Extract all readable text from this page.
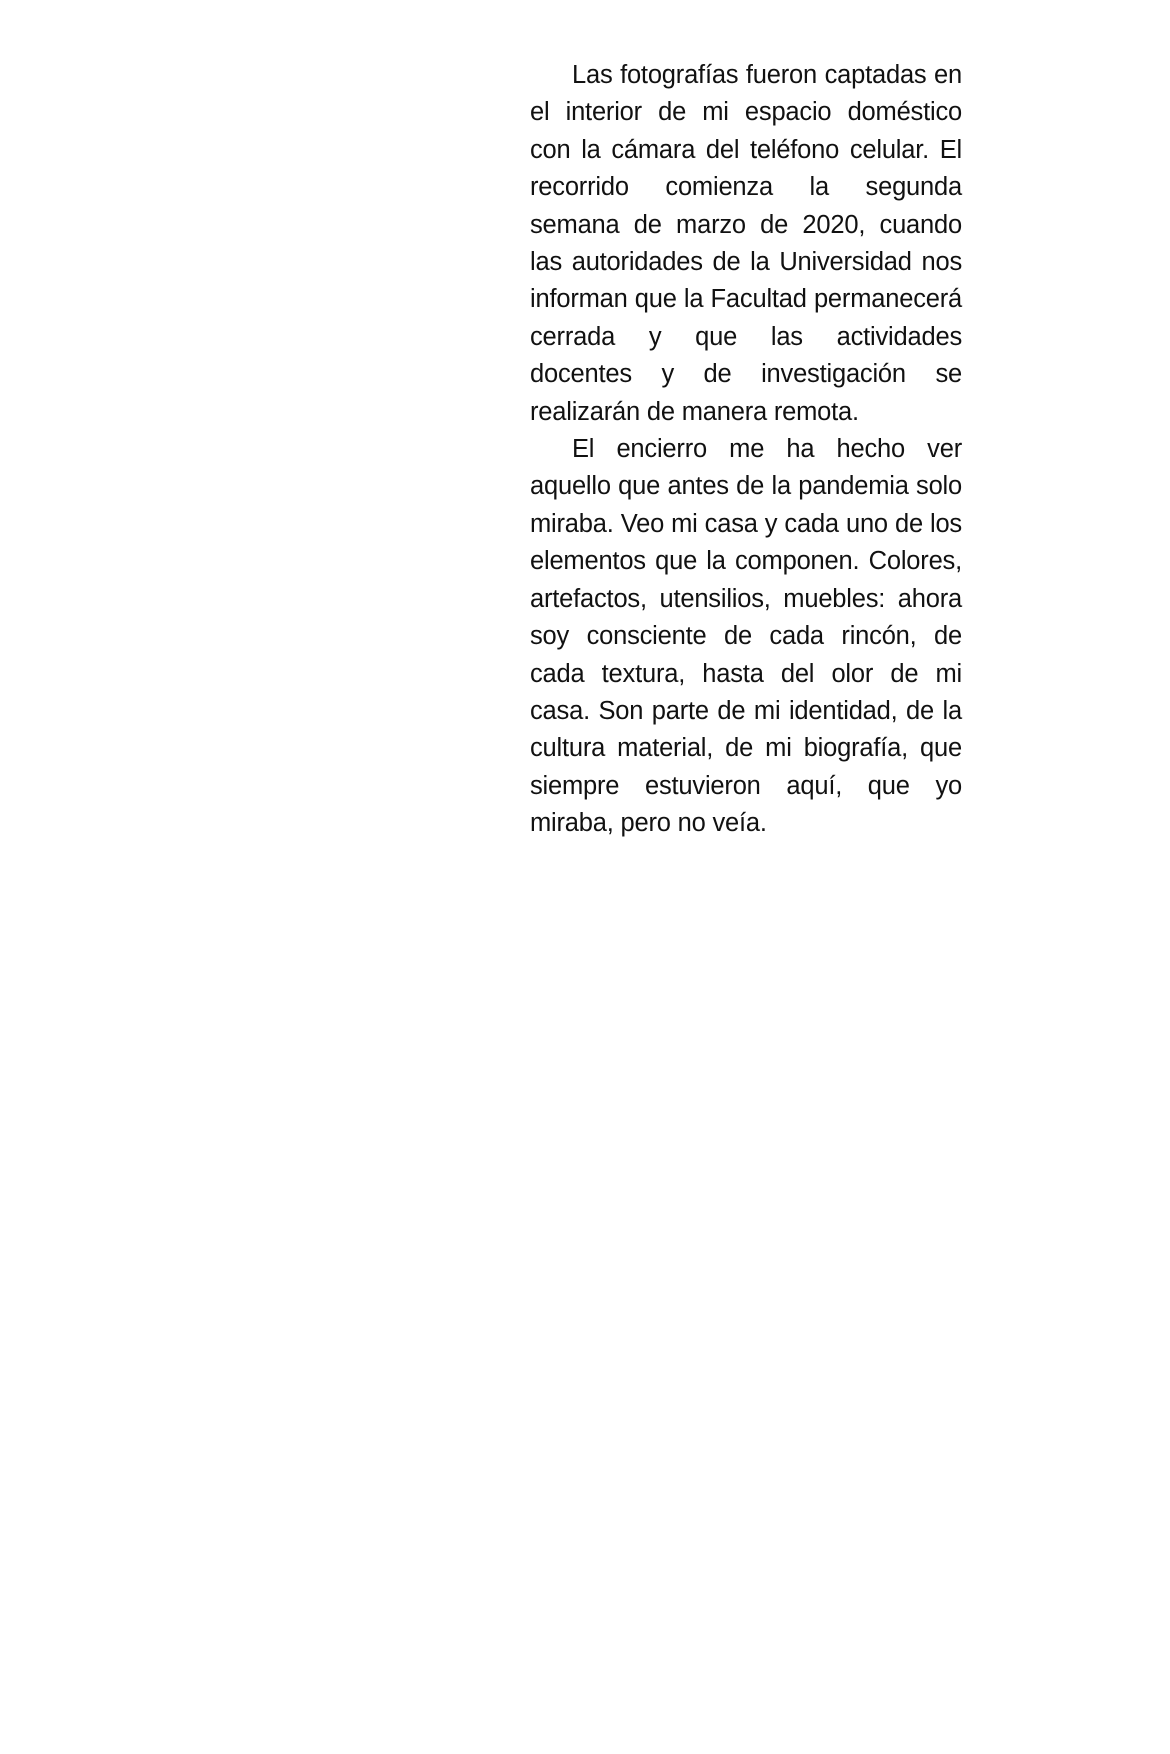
Las fotografías fueron captadas en el interior de mi espacio doméstico con la cámara del teléfono celular. El recorrido comienza la segunda semana de marzo de 2020, cuando las autoridades de la Universidad nos informan que la Facultad permanecerá cerrada y que las actividades docentes y de investigación se realizarán de manera remota.

El encierro me ha hecho ver aquello que antes de la pandemia solo miraba. Veo mi casa y cada uno de los elementos que la componen. Colores, artefactos, utensilios, muebles: ahora soy consciente de cada rincón, de cada textura, hasta del olor de mi casa. Son parte de mi identidad, de la cultura material, de mi biografía, que siempre estuvieron aquí, que yo miraba, pero no veía.
